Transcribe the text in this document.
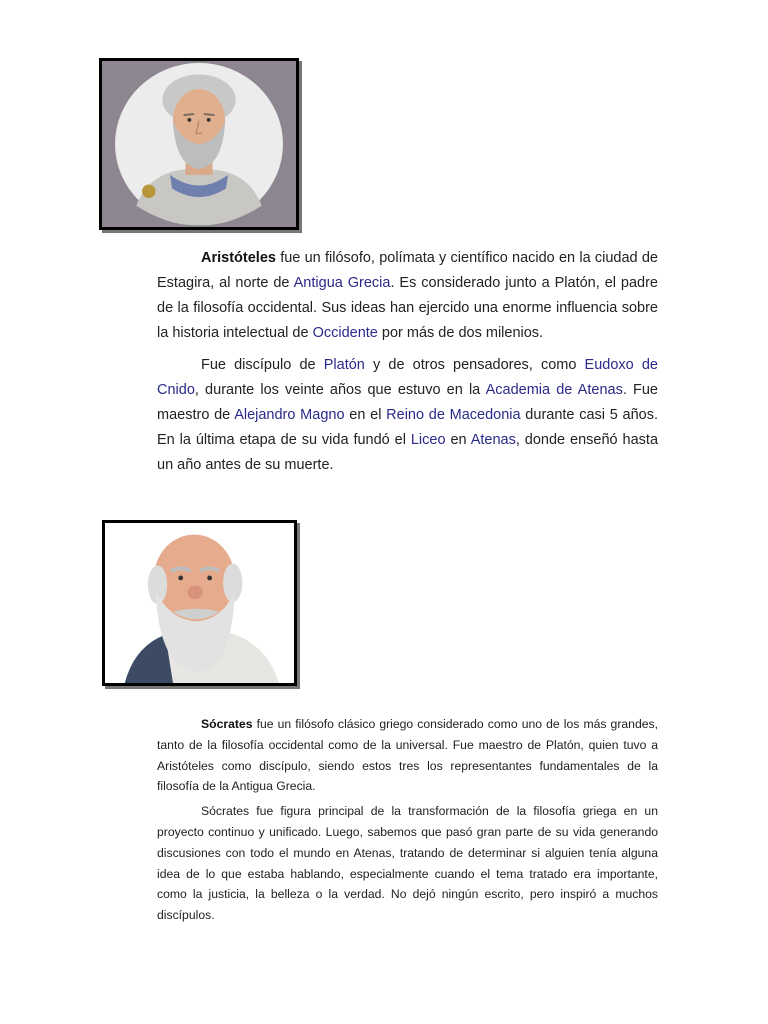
Aristóteles fue un filósofo, polímata y científico nacido en la ciudad de Estagira, al norte de Antigua Grecia. Es considerado junto a Platón, el padre de la filosofía occidental. Sus ideas han ejercido una enorme influencia sobre la historia intelectual de Occidente por más de dos milenios.

Fue discípulo de Platón y de otros pensadores, como Eudoxo de Cnido, durante los veinte años que estuvo en la Academia de Atenas. Fue maestro de Alejandro Magno en el Reino de Macedonia durante casi 5 años. En la última etapa de su vida fundó el Liceo en Atenas, donde enseñó hasta un año antes de su muerte.

Sócrates fue un filósofo clásico griego considerado como uno de los más grandes, tanto de la filosofía occidental como de la universal. Fue maestro de Platón, quien tuvo a Aristóteles como discípulo, siendo estos tres los representantes fundamentales de la filosofía de la Antigua Grecia.

Sócrates fue figura principal de la transformación de la filosofía griega en un proyecto continuo y unificado. Luego, sabemos que pasó gran parte de su vida generando discusiones con todo el mundo en Atenas, tratando de determinar si alguien tenía alguna idea de lo que estaba hablando, especialmente cuando el tema tratado era importante, como la justicia, la belleza o la verdad. No dejó ningún escrito, pero inspiró a muchos discípulos.
